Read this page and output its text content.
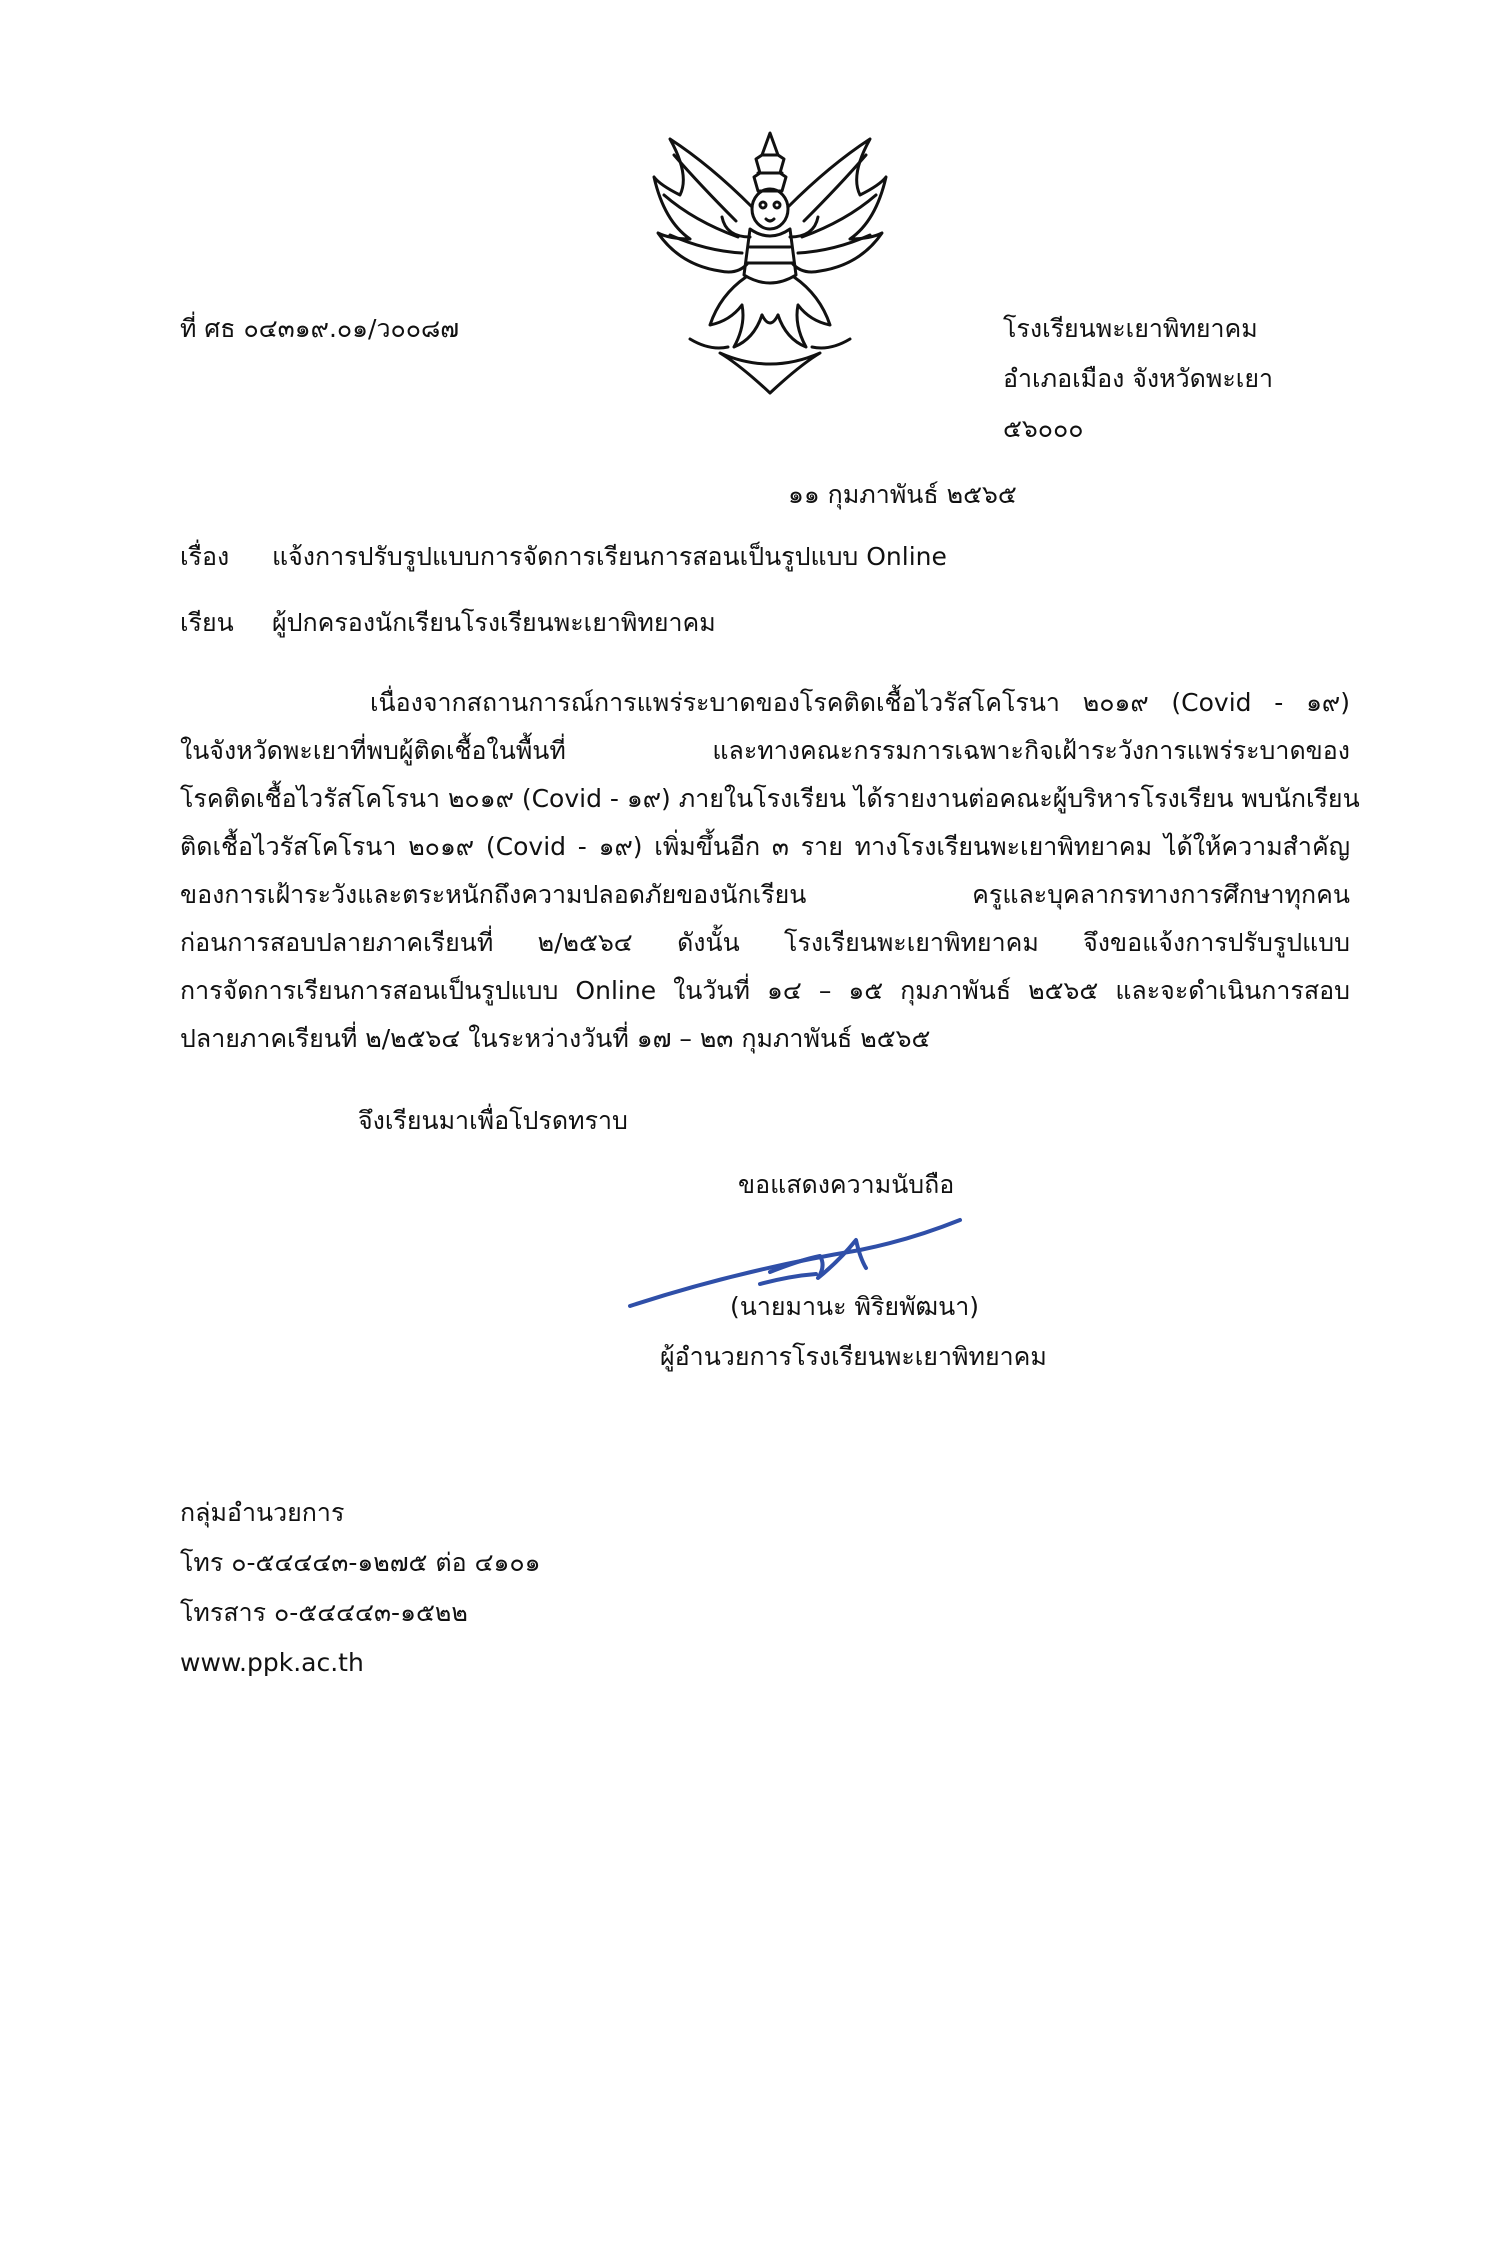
ที่ ศธ ๐๔๓๑๙.๐๑/ว๐๐๘๗	โรงเรียนพะเยาพิทยาคม
อำเภอเมือง จังหวัดพะเยา
๕๖๐๐๐
๑๑ กุมภาพันธ์ ๒๕๖๕
เรื่อง แจ้งการปรับรูปแบบการจัดการเรียนการสอนเป็นรูปแบบ Online
เรียน ผู้ปกครองนักเรียนโรงเรียนพะเยาพิทยาคม
เนื่องจากสถานการณ์การแพร่ระบาดของโรคติดเชื้อไวรัสโคโรนา ๒๐๑๙ (Covid - ๑๙)
ในจังหวัดพะเยาที่พบผู้ติดเชื้อในพื้นที่ และทางคณะกรรมการเฉพาะกิจเฝ้าระวังการแพร่ระบาดของ
โรคติดเชื้อไวรัสโคโรนา ๒๐๑๙ (Covid - ๑๙) ภายในโรงเรียน ได้รายงานต่อคณะผู้บริหารโรงเรียน พบนักเรียน
ติดเชื้อไวรัสโคโรนา ๒๐๑๙ (Covid - ๑๙) เพิ่มขึ้นอีก ๓ ราย ทางโรงเรียนพะเยาพิทยาคม ได้ให้ความสำคัญ
ของการเฝ้าระวังและตระหนักถึงความปลอดภัยของนักเรียน ครูและบุคลากรทางการศึกษาทุกคน
ก่อนการสอบปลายภาคเรียนที่ ๒/๒๕๖๔ ดังนั้น โรงเรียนพะเยาพิทยาคม จึงขอแจ้งการปรับรูปแบบ
การจัดการเรียนการสอนเป็นรูปแบบ Online ในวันที่ ๑๔ – ๑๕ กุมภาพันธ์ ๒๕๖๕ และจะดำเนินการสอบ
ปลายภาคเรียนที่ ๒/๒๕๖๔ ในระหว่างวันที่ ๑๗ – ๒๓ กุมภาพันธ์ ๒๕๖๕
จึงเรียนมาเพื่อโปรดทราบ
ขอแสดงความนับถือ
(นายมานะ พิริยพัฒนา)
ผู้อำนวยการโรงเรียนพะเยาพิทยาคม
กลุ่มอำนวยการ
โทร ๐-๕๔๔๔๓-๑๒๗๕ ต่อ ๔๑๐๑
โทรสาร ๐-๕๔๔๔๓-๑๕๒๒
www.ppk.ac.th
